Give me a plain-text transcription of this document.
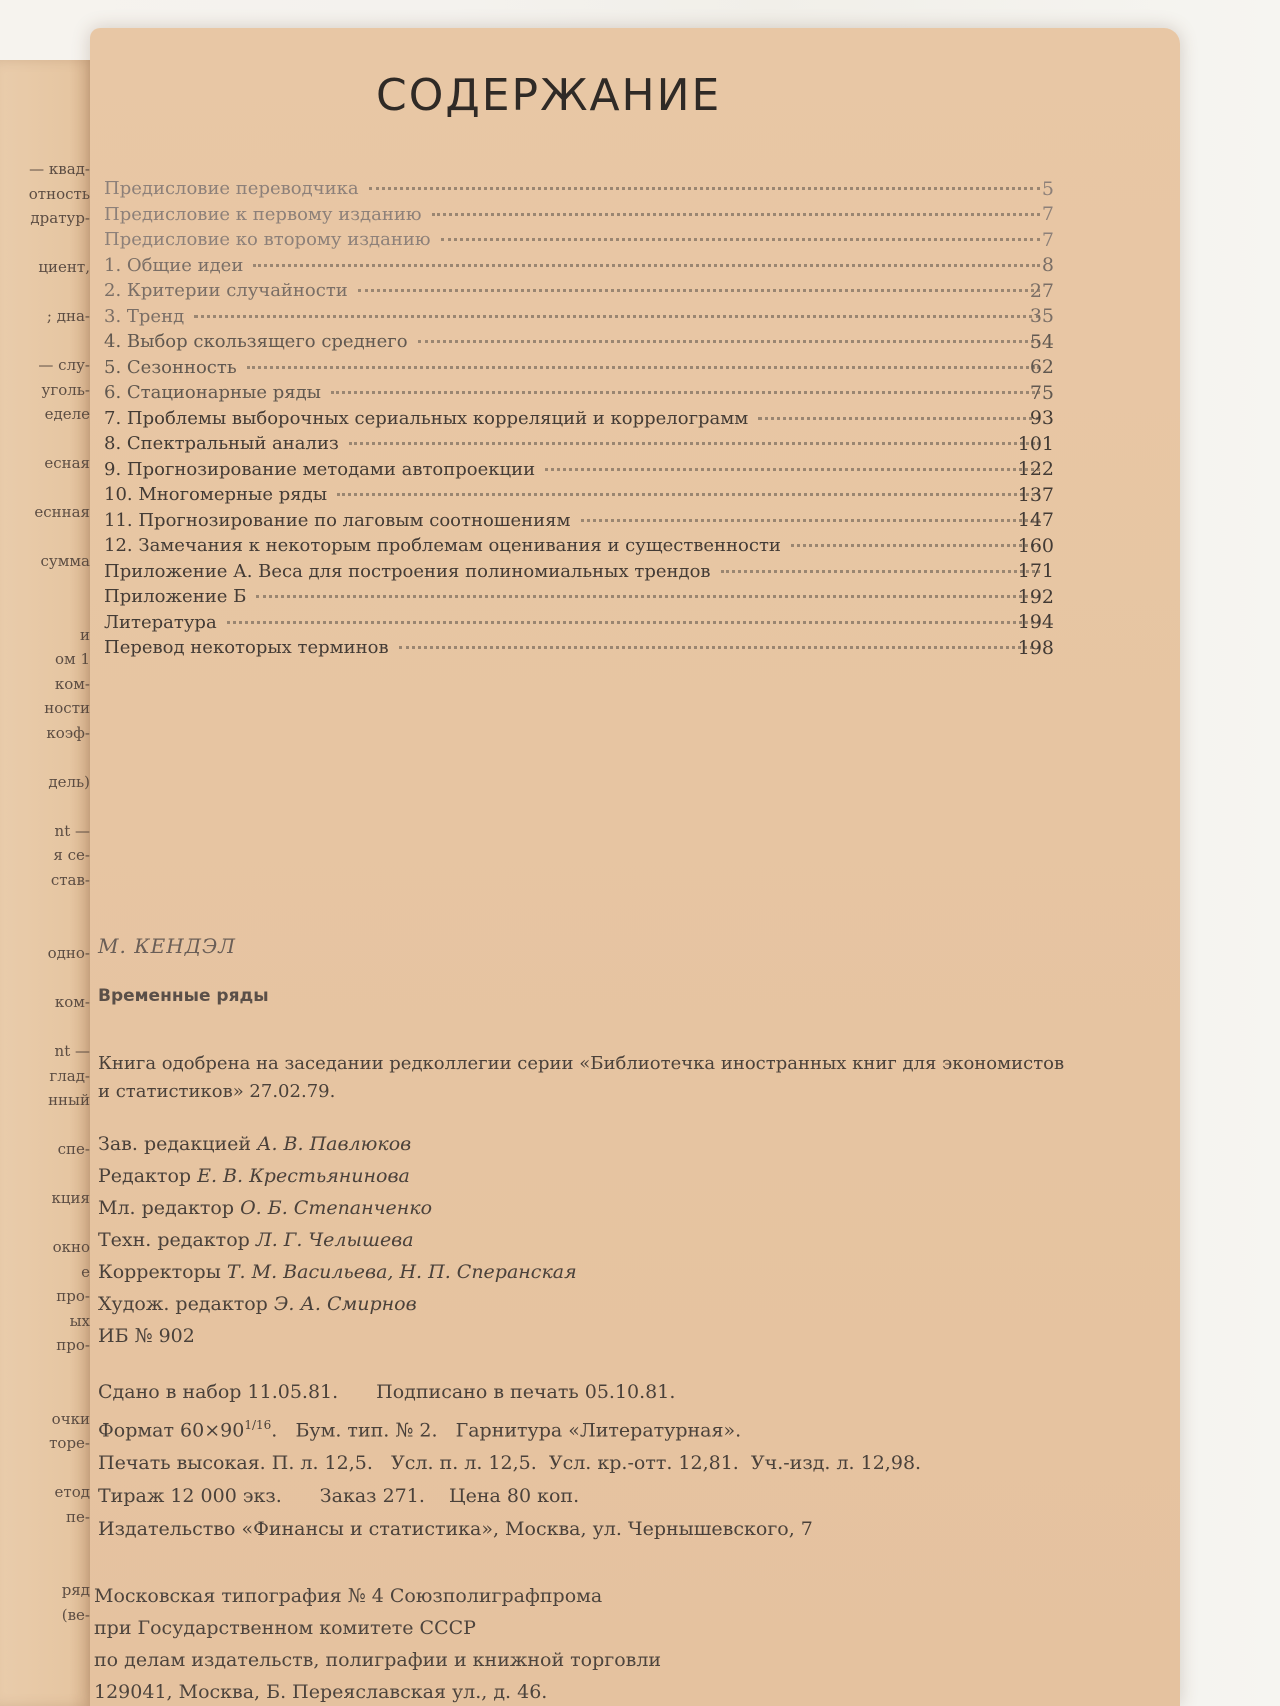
— квад-
отность
дратур-
циент,
; дна-
— слу-
уголь-
еделе
есная
еснная
сумма
и
ом 1
ком-
ности
коэф-
дель)
nt —
я се-
став-
одно-
ком-
nt —
глад-
нный
спе-
кция
окно
е
про-
ых
про-
очки
торе-
етод
пе-
ряд
(ве-
СОДЕРЖАНИЕ
Предисловие переводчика	5
Предисловие к первому изданию	7
Предисловие ко второму изданию	7
1. Общие идеи	8
2. Критерии случайности	27
3. Тренд	35
4. Выбор скользящего среднего	54
5. Сезонность	62
6. Стационарные ряды	75
7. Проблемы выборочных сериальных корреляций и коррелограмм	93
8. Спектральный анализ	101
9. Прогнозирование методами автопроекции	122
10. Многомерные ряды	137
11. Прогнозирование по лаговым соотношениям	147
12. Замечания к некоторым проблемам оценивания и существенности	160
Приложение А. Веса для построения полиномиальных трендов	171
Приложение Б	192
Литература	194
Перевод некоторых терминов	198
М. КЕНДЭЛ
Временные ряды
Книга одобрена на заседании редколлегии серии «Библиотечка иностранных книг для экономистов и статистиков» 27.02.79.
Зав. редакцией А. В. Павлюков
Редактор Е. В. Крестьянинова
Мл. редактор О. Б. Степанченко
Техн. редактор Л. Г. Челышева
Корректоры Т. М. Васильева, Н. П. Сперанская
Худож. редактор Э. А. Смирнов
ИБ № 902
Сдано в набор 11.05.81. Подписано в печать 05.10.81.
Формат $60\times 90^{1/16}$. Бум. тип. № 2. Гарнитура «Литературная».
Печать высокая. П. л. 12,5.   Усл. п. л. 12,5.  Усл. кр.-отт. 12,81.  Уч.-изд. л. 12,98.
Тираж 12 000 экз. Заказ 271. Цена 80 коп.
Издательство «Финансы и статистика», Москва, ул. Чернышевского, 7
Московская типография № 4 Союзполиграфпрома
при Государственном комитете СССР
по делам издательств, полиграфии и книжной торговли
129041, Москва, Б. Переяславская ул., д. 46.
